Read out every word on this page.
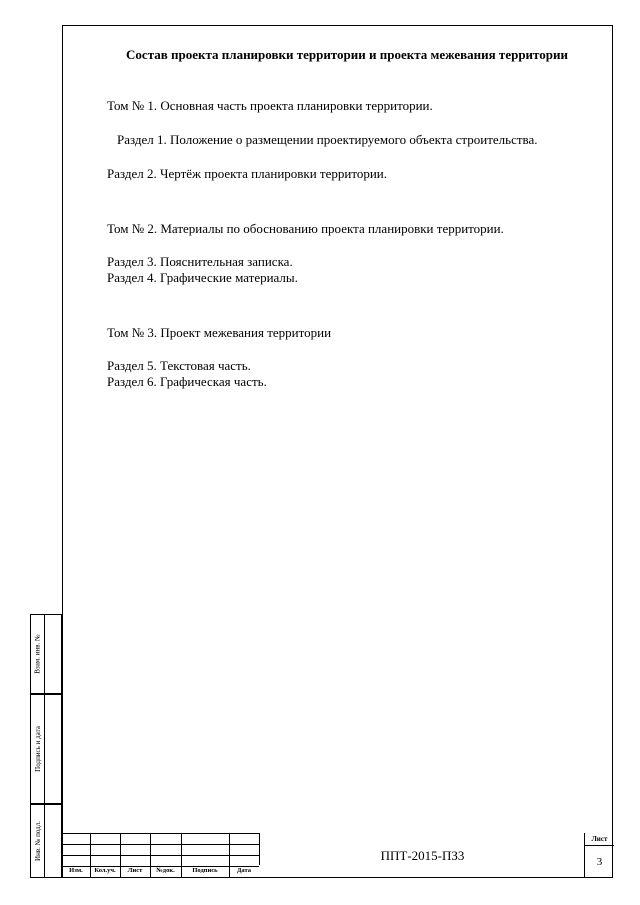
Состав проекта планировки территории и проекта межевания территории
Том № 1. Основная часть проекта планировки территории.
Раздел 1. Положение о размещении проектируемого объекта строительства.
Раздел 2. Чертёж проекта планировки территории.
Том № 2. Материалы по обоснованию проекта планировки территории.
Раздел 3. Пояснительная записка.
Раздел 4. Графические материалы.
Том № 3. Проект межевания территории
Раздел 5. Текстовая часть.
Раздел 6. Графическая часть.
Взам. инв. №
Подпись и дата
Инв. № подл.
Изм.	Кол.уч.	Лист	№док.	Подпись	Дата
ППТ-2015-ПЗ3
Лист
3
